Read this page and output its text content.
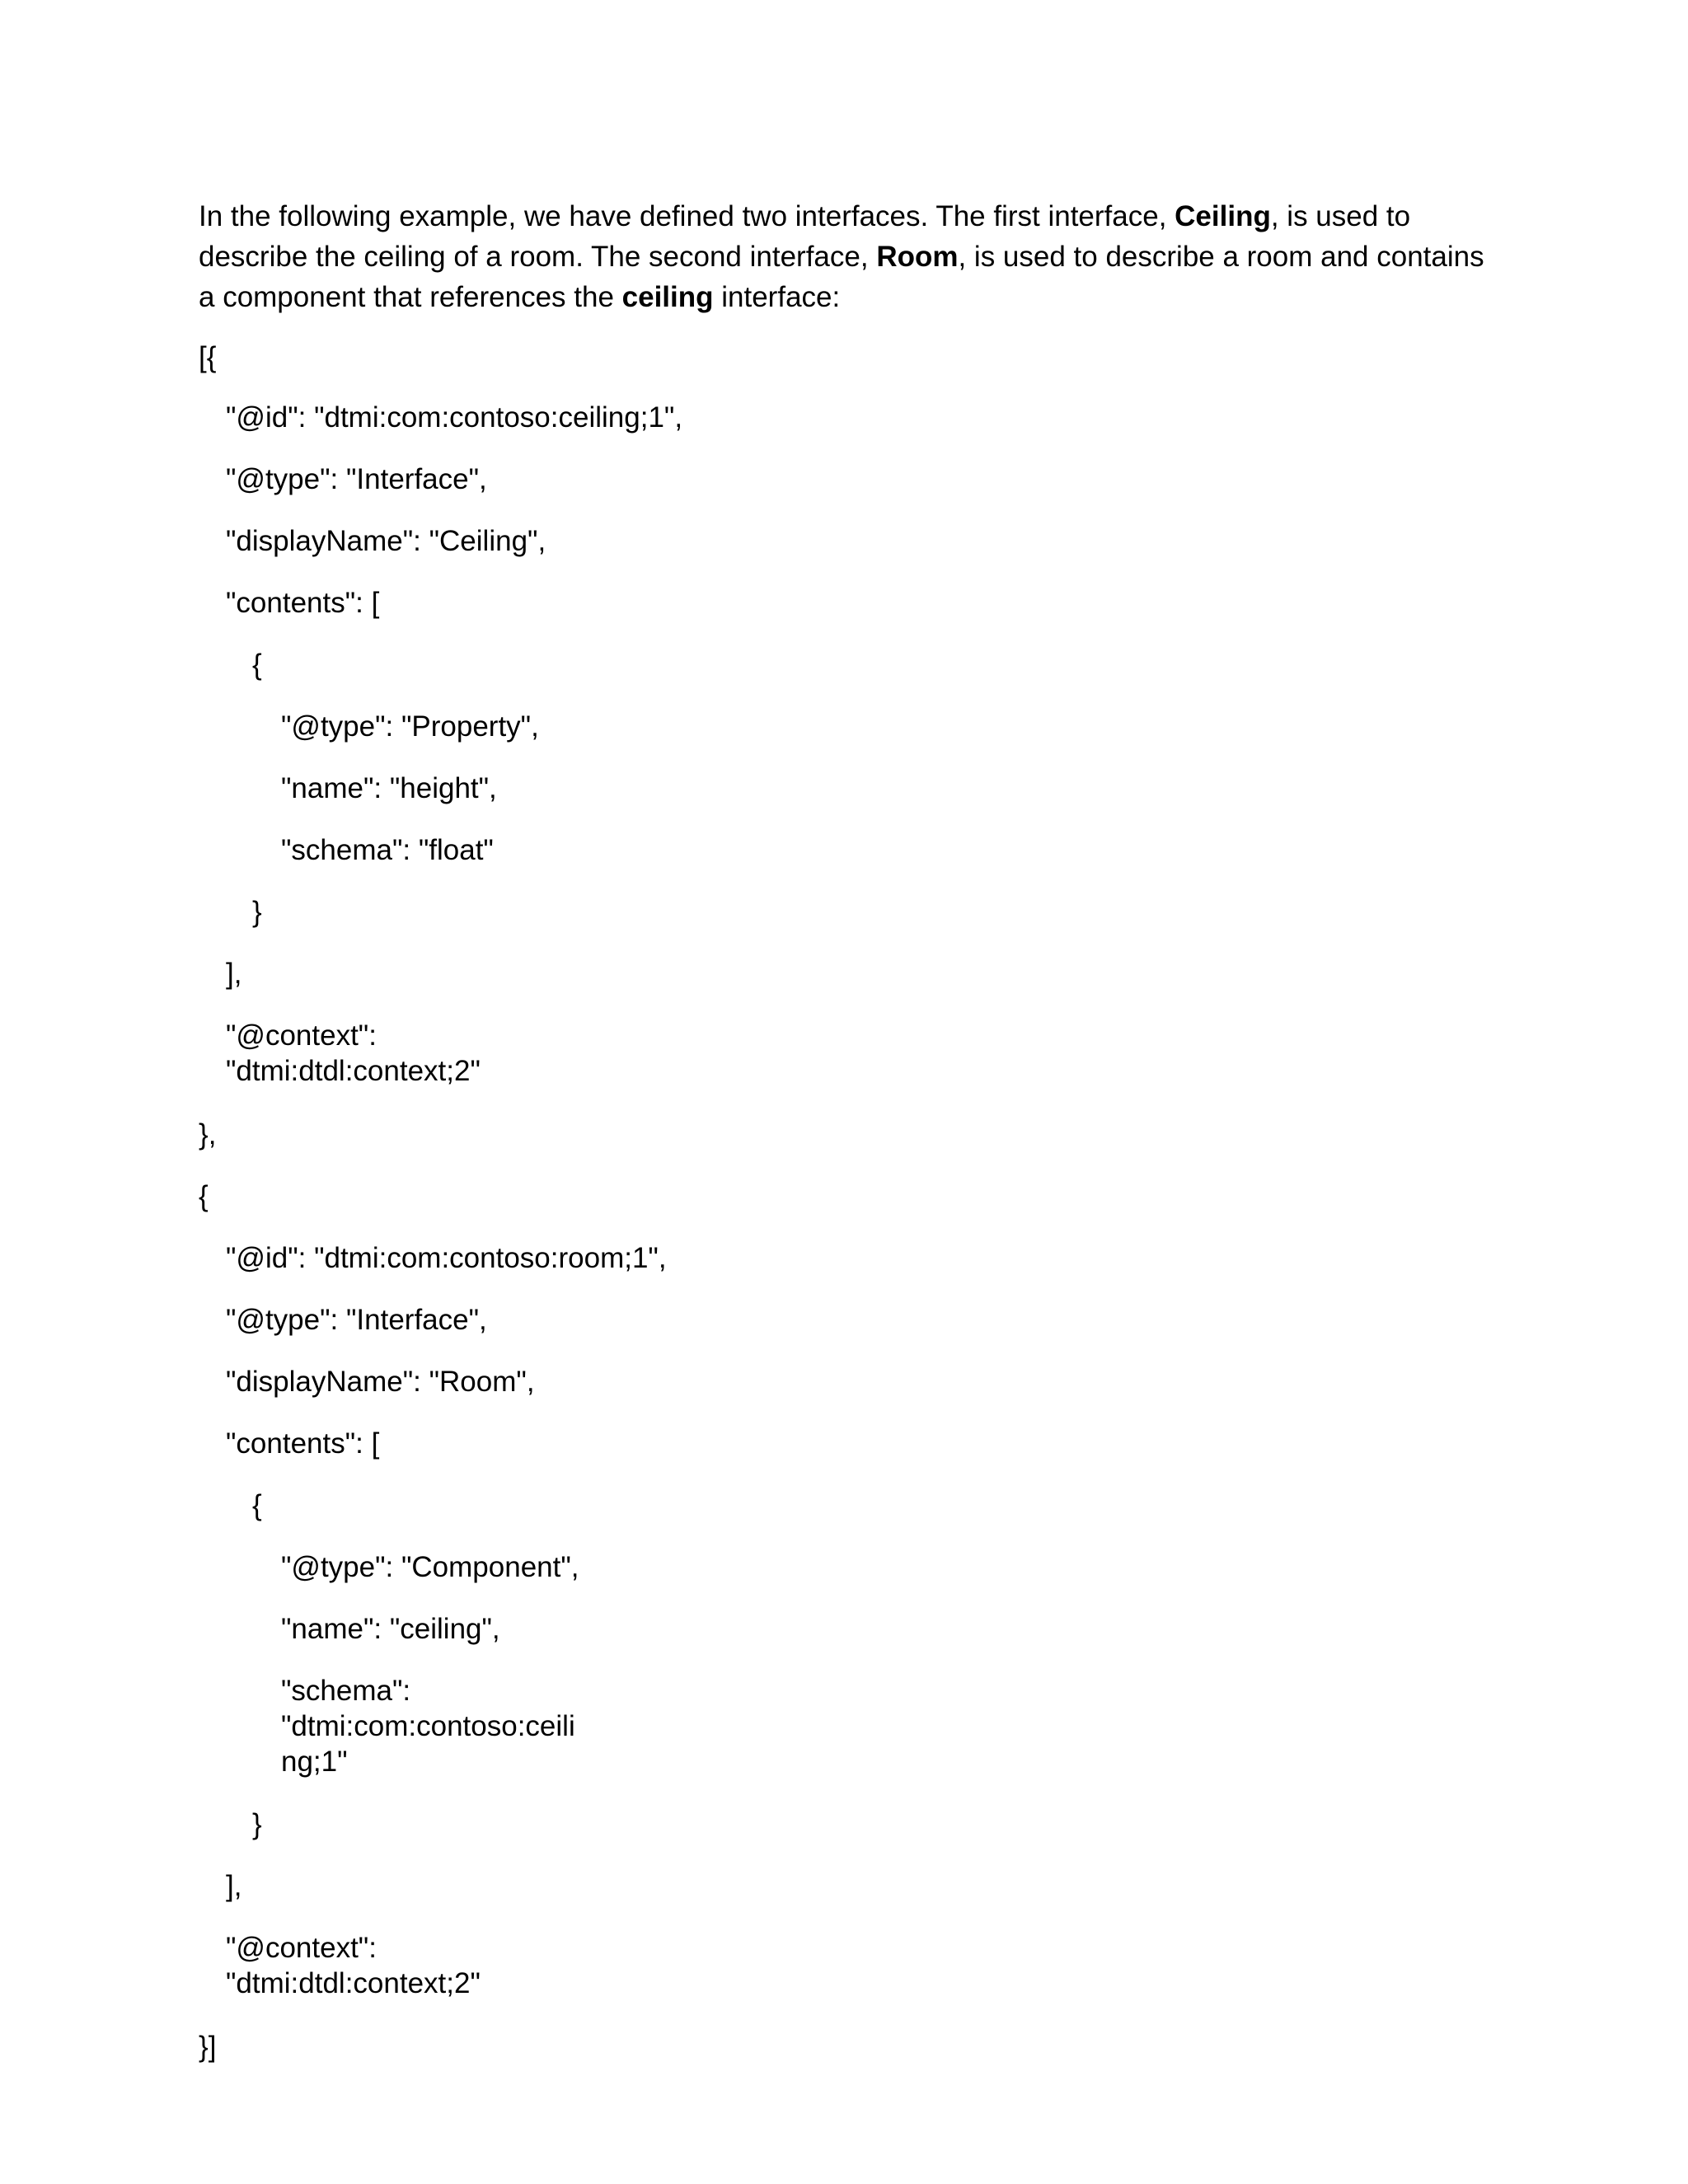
In the following example, we have defined two interfaces. The first interface, Ceiling, is used to describe the ceiling of a room. The second interface, Room, is used to describe a room and contains a component that references the ceiling interface:

[{
"@id": "dtmi:com:contoso:ceiling;1",
"@type": "Interface",
"displayName": "Ceiling",
"contents": [
{
"@type": "Property",
"name": "height",
"schema": "float"
}
],
"@context":
"dtmi:dtdl:context;2"
},
{
"@id": "dtmi:com:contoso:room;1",
"@type": "Interface",
"displayName": "Room",
"contents": [
{
"@type": "Component",
"name": "ceiling",
"schema":
"dtmi:com:contoso:ceili
ng;1"
}
],
"@context":
"dtmi:dtdl:context;2"
}]
